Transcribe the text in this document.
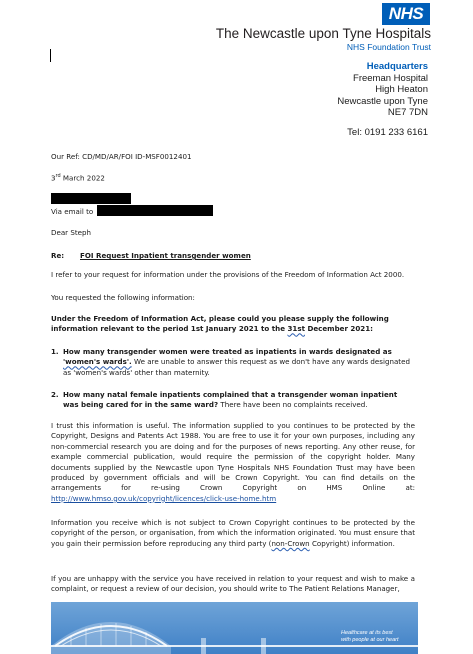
NHS
The Newcastle upon Tyne Hospitals
NHS Foundation Trust
Headquarters
Freeman Hospital
High Heaton
Newcastle upon Tyne
NE7 7DN
Tel: 0191 233 6161
Our Ref: CD/MD/AR/FOI ID-MSF0012401
3rd March 2022
Via email to
Dear Steph
Re: FOI Request Inpatient transgender women
I refer to your request for information under the provisions of the Freedom of Information Act 2000.
You requested the following information:
Under the Freedom of Information Act, please could you please supply the following information relevant to the period 1st January 2021 to the 31st December 2021:
1. How many transgender women were treated as inpatients in wards designated as 'women's wards'. We are unable to answer this request as we don't have any wards designated as 'women's wards' other than maternity.
2. How many natal female inpatients complained that a transgender woman inpatient was being cared for in the same ward? There have been no complaints received.
I trust this information is useful. The information supplied to you continues to be protected by the Copyright, Designs and Patents Act 1988. You are free to use it for your own purposes, including any non-commercial research you are doing and for the purposes of news reporting. Any other reuse, for example commercial publication, would require the permission of the copyright holder. Many documents supplied by the Newcastle upon Tyne Hospitals NHS Foundation Trust may have been produced by government officials and will be Crown Copyright. You can find details on the arrangements for re-using Crown Copyright on HMS Online at: http://www.hmso.gov.uk/copyright/licences/click-use-home.htm
Information you receive which is not subject to Crown Copyright continues to be protected by the copyright of the person, or organisation, from which the information originated. You must ensure that you gain their permission before reproducing any third party (non-Crown Copyright) information.
If you are unhappy with the service you have received in relation to your request and wish to make a complaint, or request a review of our decision, you should write to The Patient Relations Manager,
Healthcare at its best
with people at our heart
